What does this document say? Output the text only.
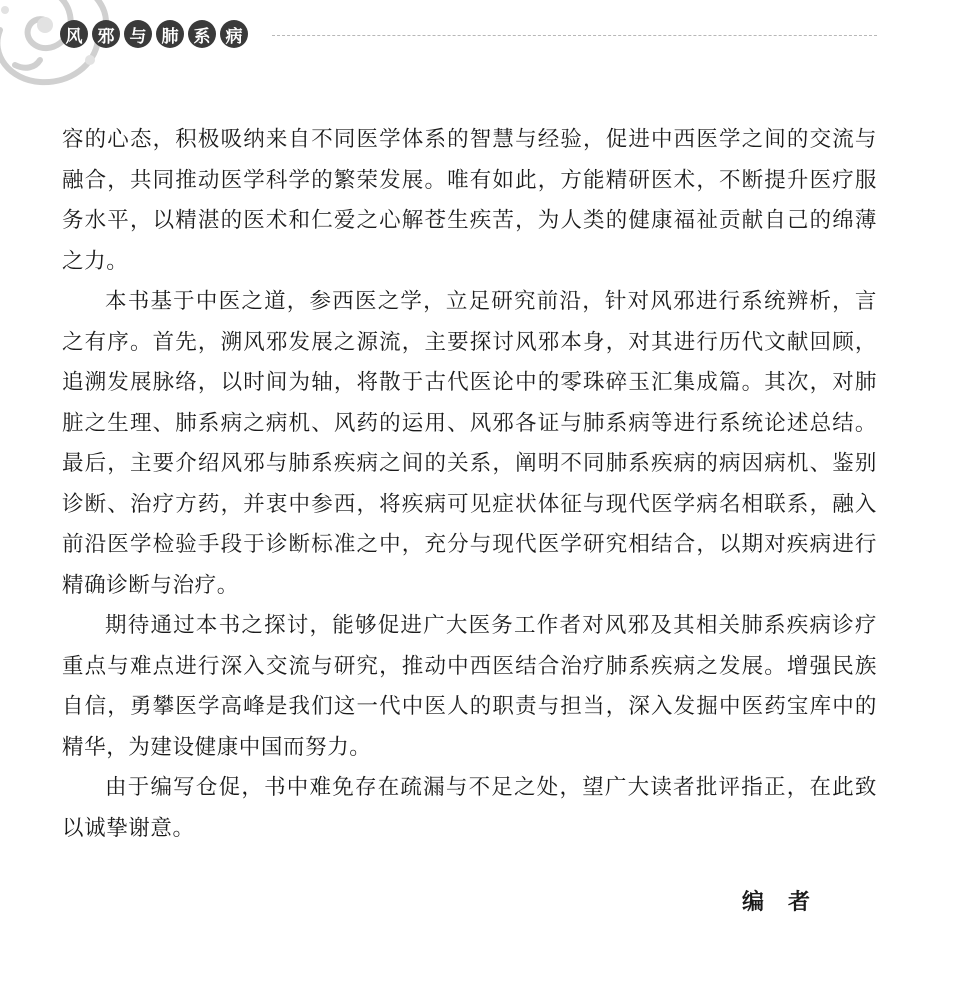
风 邪 与 肺 系 病

容的心态，积极吸纳来自不同医学体系的智慧与经验，促进中西医学之间的交流与融合，共同推动医学科学的繁荣发展。唯有如此，方能精研医术，不断提升医疗服务水平，以精湛的医术和仁爱之心解苍生疾苦，为人类的健康福祉贡献自己的绵薄之力。

本书基于中医之道，参西医之学，立足研究前沿，针对风邪进行系统辨析，言之有序。首先，溯风邪发展之源流，主要探讨风邪本身，对其进行历代文献回顾，追溯发展脉络，以时间为轴，将散于古代医论中的零珠碎玉汇集成篇。其次，对肺脏之生理、肺系病之病机、风药的运用、风邪各证与肺系病等进行系统论述总结。最后，主要介绍风邪与肺系疾病之间的关系，阐明不同肺系疾病的病因病机、鉴别诊断、治疗方药，并衷中参西，将疾病可见症状体征与现代医学病名相联系，融入前沿医学检验手段于诊断标准之中，充分与现代医学研究相结合，以期对疾病进行精确诊断与治疗。

期待通过本书之探讨，能够促进广大医务工作者对风邪及其相关肺系疾病诊疗重点与难点进行深入交流与研究，推动中西医结合治疗肺系疾病之发展。增强民族自信，勇攀医学高峰是我们这一代中医人的职责与担当，深入发掘中医药宝库中的精华，为建设健康中国而努力。

由于编写仓促，书中难免存在疏漏与不足之处，望广大读者批评指正，在此致以诚挚谢意。

编者
